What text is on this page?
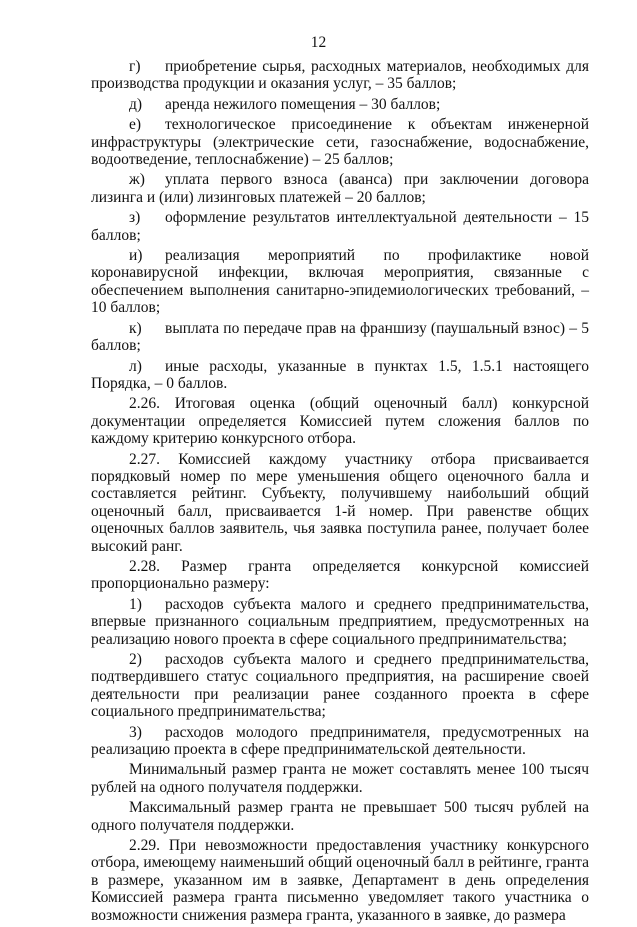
12

г) приобретение сырья, расходных материалов, необходимых для производства продукции и оказания услуг, – 35 баллов;

д) аренда нежилого помещения – 30 баллов;

е) технологическое присоединение к объектам инженерной инфраструктуры (электрические сети, газоснабжение, водоснабжение, водоотведение, теплоснабжение) – 25 баллов;

ж) уплата первого взноса (аванса) при заключении договора лизинга и (или) лизинговых платежей – 20 баллов;

з) оформление результатов интеллектуальной деятельности – 15 баллов;

и) реализация мероприятий по профилактике новой коронавирусной инфекции, включая мероприятия, связанные с обеспечением выполнения санитарно-эпидемиологических требований, – 10 баллов;

к) выплата по передаче прав на франшизу (паушальный взнос) – 5 баллов;

л) иные расходы, указанные в пунктах 1.5, 1.5.1 настоящего Порядка, – 0 баллов.

2.26. Итоговая оценка (общий оценочный балл) конкурсной документации определяется Комиссией путем сложения баллов по каждому критерию конкурсного отбора.

2.27. Комиссией каждому участнику отбора присваивается порядковый номер по мере уменьшения общего оценочного балла и составляется рейтинг. Субъекту, получившему наибольший общий оценочный балл, присваивается 1-й номер. При равенстве общих оценочных баллов заявитель, чья заявка поступила ранее, получает более высокий ранг.

2.28. Размер гранта определяется конкурсной комиссией пропорционально размеру:

1) расходов субъекта малого и среднего предпринимательства, впервые признанного социальным предприятием, предусмотренных на реализацию нового проекта в сфере социального предпринимательства;

2) расходов субъекта малого и среднего предпринимательства, подтвердившего статус социального предприятия, на расширение своей деятельности при реализации ранее созданного проекта в сфере социального предпринимательства;

3) расходов молодого предпринимателя, предусмотренных на реализацию проекта в сфере предпринимательской деятельности.

Минимальный размер гранта не может составлять менее 100 тысяч рублей на одного получателя поддержки.

Максимальный размер гранта не превышает 500 тысяч рублей на одного получателя поддержки.

2.29. При невозможности предоставления участнику конкурсного отбора, имеющему наименьший общий оценочный балл в рейтинге, гранта в размере, указанном им в заявке, Департамент в день определения Комиссией размера гранта письменно уведомляет такого участника о возможности снижения размера гранта, указанного в заявке, до размера
